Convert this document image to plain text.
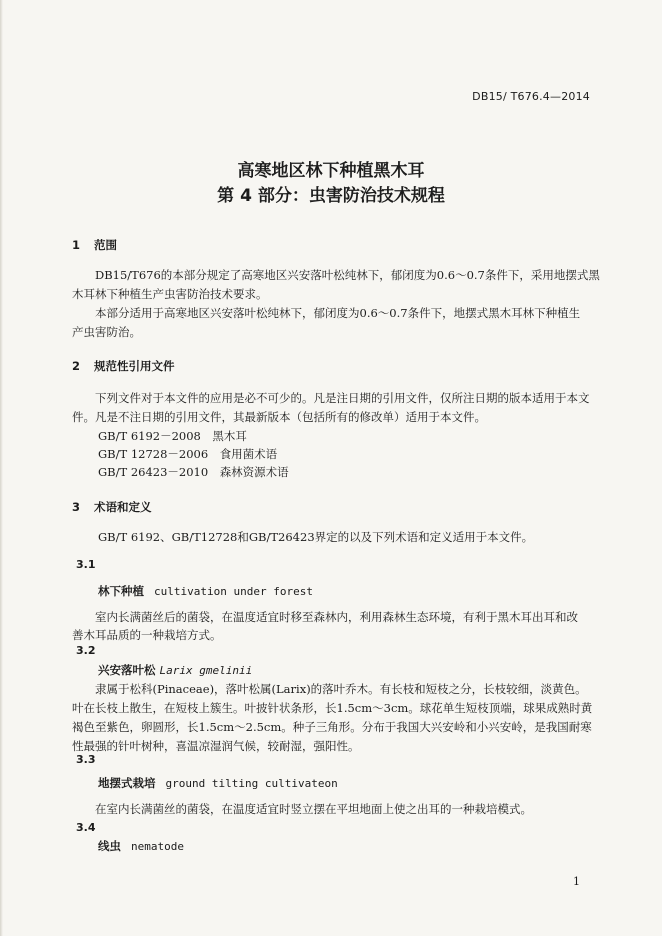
DB15/ T676.4—2014
高寒地区林下种植黑木耳
第 4 部分：虫害防治技术规程
1 范围
DB15/T676的本部分规定了高寒地区兴安落叶松纯林下，郁闭度为0.6～0.7条件下，采用地摆式黑
木耳林下种植生产虫害防治技术要求。
本部分适用于高寒地区兴安落叶松纯林下，郁闭度为0.6～0.7条件下，地摆式黑木耳林下种植生
产虫害防治。
2 规范性引用文件
下列文件对于本文件的应用是必不可少的。凡是注日期的引用文件，仅所注日期的版本适用于本文
件。凡是不注日期的引用文件，其最新版本（包括所有的修改单）适用于本文件。
GB/T 6192－2008　黑木耳
GB/T 12728－2006　食用菌术语
GB/T 26423－2010　森林资源术语
3 术语和定义
GB/T 6192、GB/T12728和GB/T26423界定的以及下列术语和定义适用于本文件。
3.1
林下种植 cultivation under forest
室内长满菌丝后的菌袋，在温度适宜时移至森林内，利用森林生态环境，有利于黑木耳出耳和改
善木耳品质的一种栽培方式。
3.2
兴安落叶松 Larix gmelinii
隶属于松科(Pinaceae)，落叶松属(Larix)的落叶乔木。有长枝和短枝之分，长枝较细，淡黄色。
叶在长枝上散生，在短枝上簇生。叶披针状条形，长1.5cm～3cm。球花单生短枝顶端，球果成熟时黄
褐色至紫色，卵圆形，长1.5cm～2.5cm。种子三角形。分布于我国大兴安岭和小兴安岭，是我国耐寒
性最强的针叶树种，喜温凉湿润气候，较耐湿，强阳性。
3.3
地摆式栽培 ground tilting cultivateon
在室内长满菌丝的菌袋，在温度适宜时竖立摆在平坦地面上使之出耳的一种栽培模式。
3.4
线虫 nematode
1
